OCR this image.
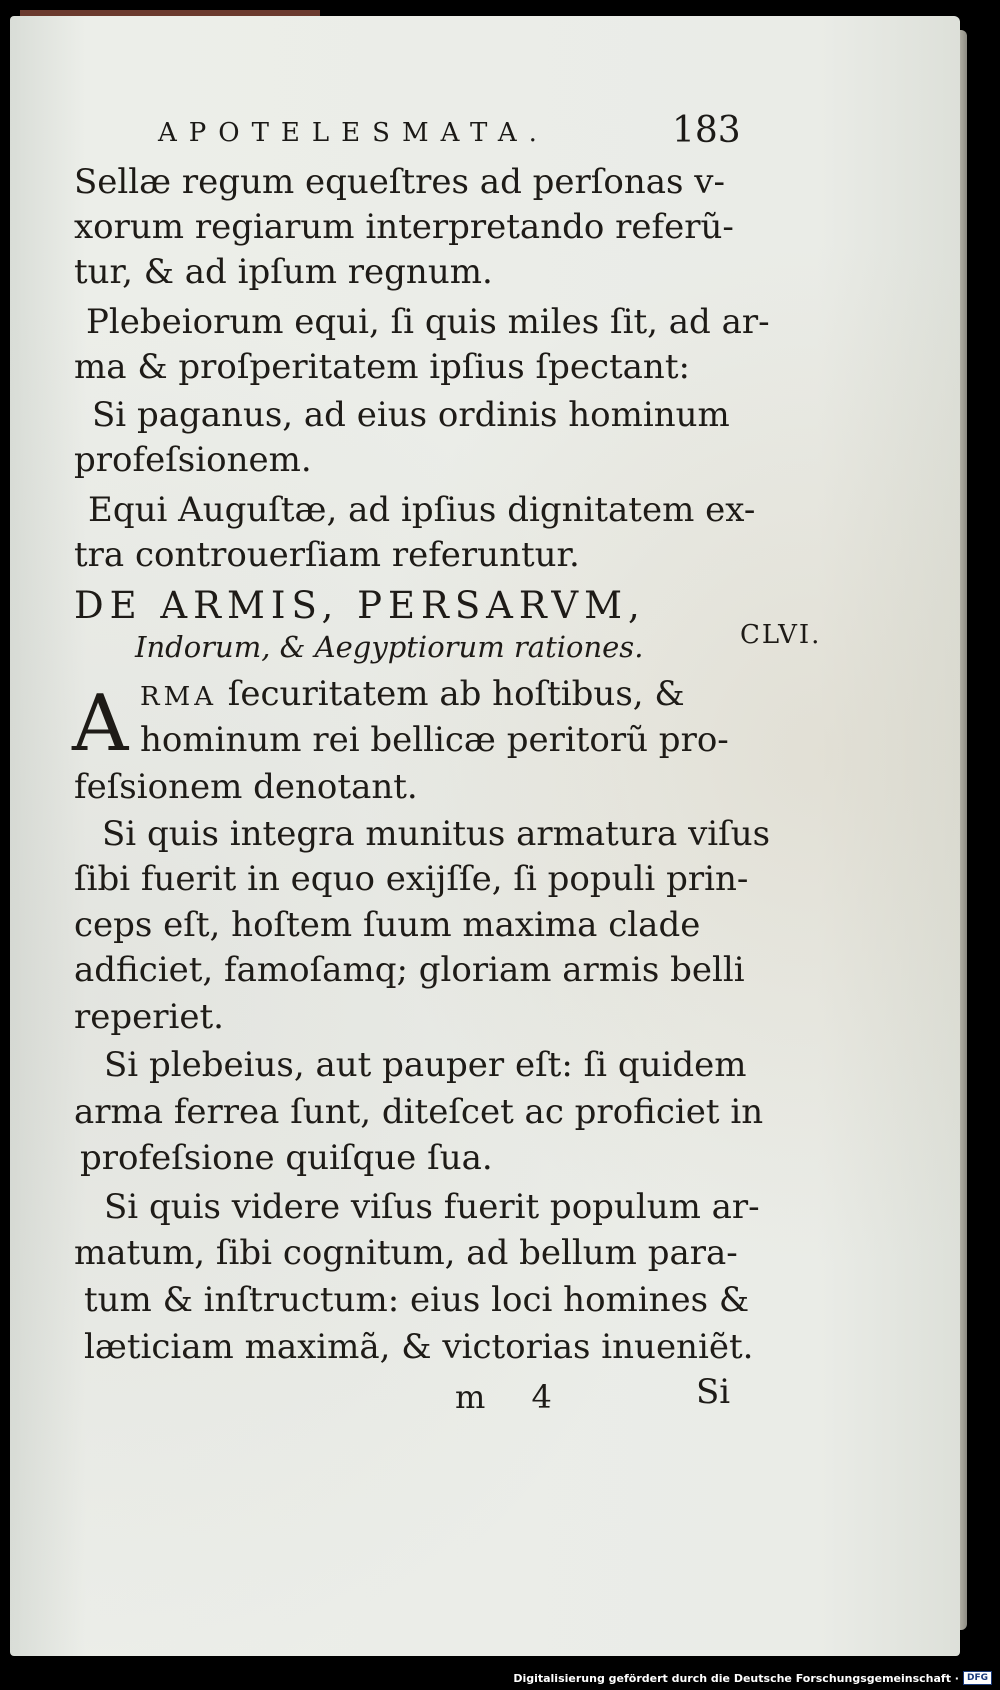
APOTELESMATA.	183
Sellæ regum equeſtres ad perſonas v-
xorum regiarum interpretando referũ-
tur, & ad ipſum regnum.
Plebeiorum equi, ſi quis miles ſit, ad ar-
ma & proſperitatem ipſius ſpectant:
Si paganus, ad eius ordinis hominum
profeſsionem.
Equi Auguſtæ, ad ipſius dignitatem ex-
tra controuerſiam referuntur.
DE ARMIS, PERSARVM,
Indorum, & Aegyptiorum rationes.	CLVI.
A RMA ſecuritatem ab hoſtibus, &
hominum rei bellicæ peritorũ pro-
feſsionem denotant.
Si quis integra munitus armatura viſus
ſibi fuerit in equo exijſſe, ſi populi prin-
ceps eſt, hoſtem ſuum maxima clade
adficiet, famoſamq; gloriam armis belli
reperiet.
Si plebeius, aut pauper eſt: ſi quidem
arma ferrea ſunt, diteſcet ac proficiet in
profeſsione quiſque ſua.
Si quis videre viſus fuerit populum ar-
matum, ſibi cognitum, ad bellum para-
tum & inſtructum: eius loci homines &
læticiam maximã, & victorias inueniẽt.
m 4	Si
Digitalisierung gefördert durch die Deutsche Forschungsgemeinschaft · DFG
